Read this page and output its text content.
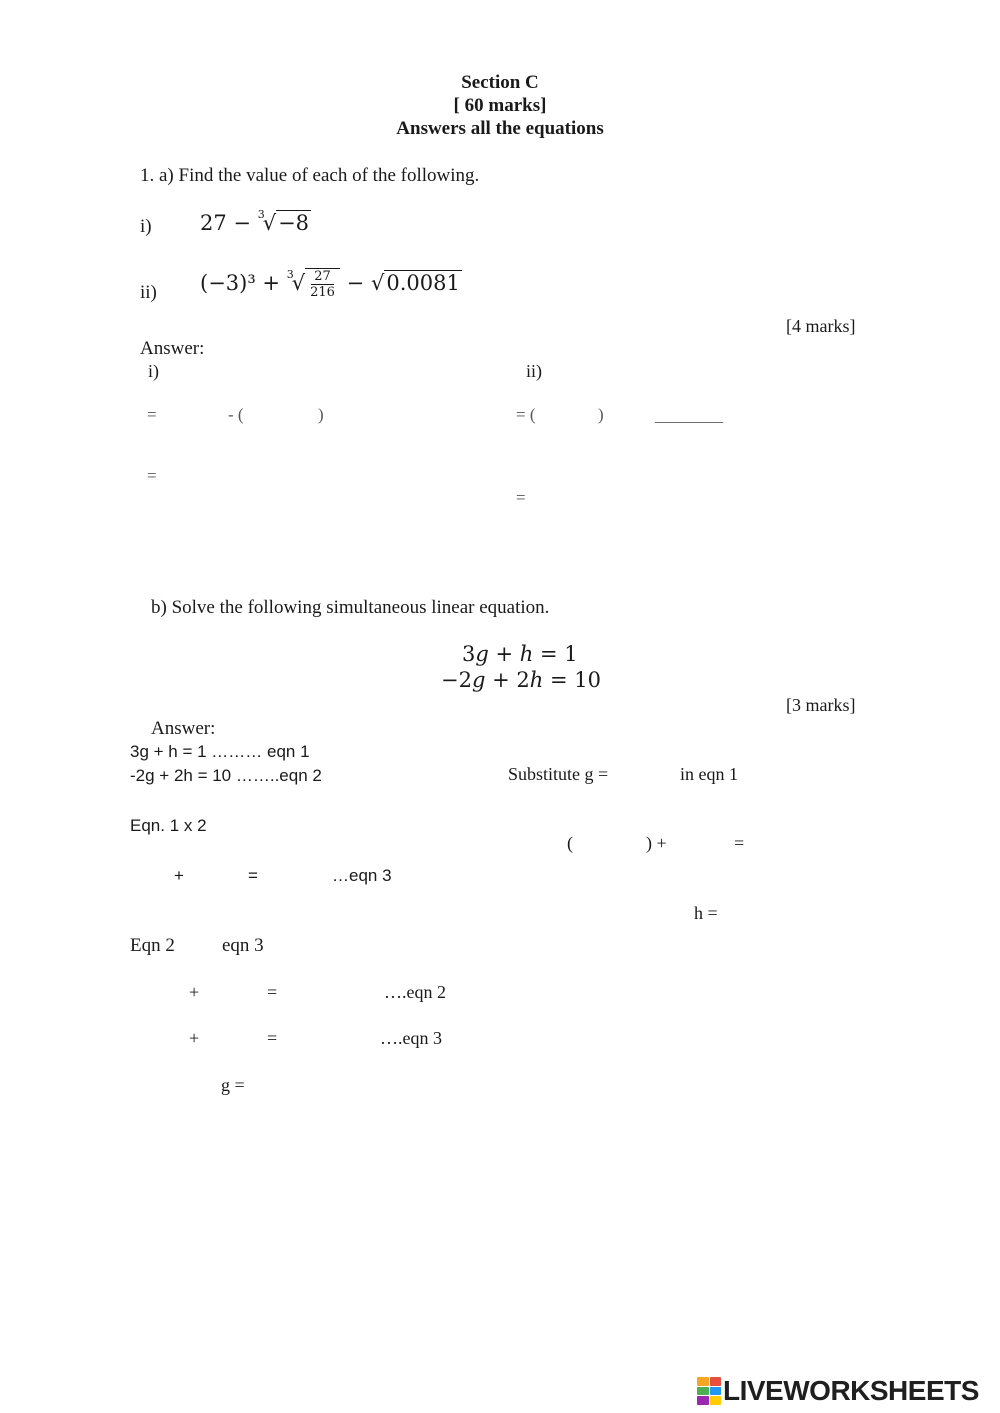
Section C
[ 60 marks]
Answers all the equations
1. a) Find the value of each of the following.
i) 27 − $^3$√−8
ii) $(-3)^3 + ^3√ \frac{27}{216} - √0.0081$
[4 marks]
Answer:
i)	ii)
=	- (	)
=
= (	)	________
=
b) Solve the following simultaneous linear equation.
3g + h = 1
−2g + 2h = 10
[3 marks]
Answer:
3g + h = 1 ……… eqn 1
-2g + 2h = 10 ……..eqn 2
Eqn. 1 x 2
+	=	…eqn 3
Eqn 2 eqn 3
+	=	….eqn 2
+	=	….eqn 3
g =
Substitute g =	in eqn 1
(	) +	=
h =
LIVEWORKSHEETS
